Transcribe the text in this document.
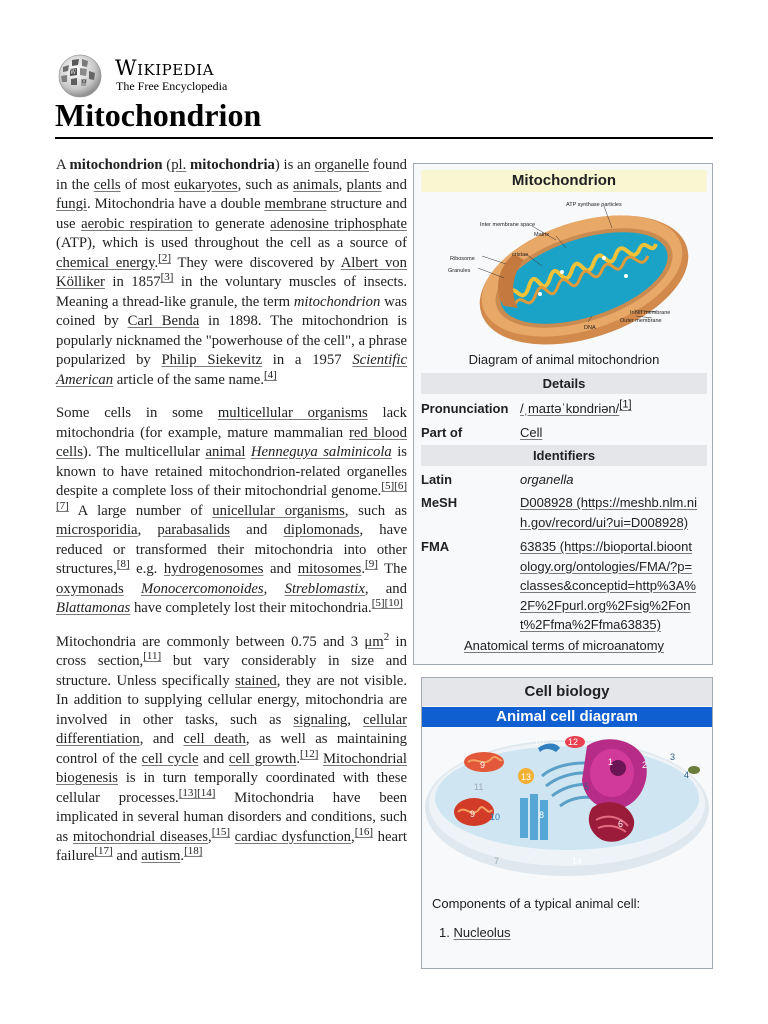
W
Ω
Wikipedia
The Free Encyclopedia
Mitochondrion

A mitochondrion (pl. mitochondria) is an organelle found in the cells of most eukaryotes, such as animals, plants and fungi. Mitochondria have a double membrane structure and use aerobic respiration to generate adenosine triphosphate (ATP), which is used throughout the cell as a source of chemical energy.[2] They were discovered by Albert von Kölliker in 1857[3] in the voluntary muscles of insects. Meaning a thread-like granule, the term mitochondrion was coined by Carl Benda in 1898. The mitochondrion is popularly nicknamed the "powerhouse of the cell", a phrase popularized by Philip Siekevitz in a 1957 Scientific American article of the same name.[4]

Some cells in some multicellular organisms lack mitochondria (for example, mature mammalian red blood cells). The multicellular animal Henneguya salminicola is known to have retained mitochondrion-related organelles despite a complete loss of their mitochondrial genome.[5][6][7] A large number of unicellular organisms, such as microsporidia, parabasalids and diplomonads, have reduced or transformed their mitochondria into other structures,[8] e.g. hydrogenosomes and mitosomes.[9] The oxymonads Monocercomonoides, Streblomastix, and Blattamonas have completely lost their mitochondria.[5][10]

Mitochondria are commonly between 0.75 and 3 $\mu m^2$ in cross section,[11] but vary considerably in size and structure. Unless specifically stained, they are not visible. In addition to supplying cellular energy, mitochondria are involved in other tasks, such as signaling, cellular differentiation, and cell death, as well as maintaining control of the cell cycle and cell growth.[12] Mitochondrial biogenesis is in turn temporally coordinated with these cellular processes.[13][14] Mitochondria have been implicated in several human disorders and conditions, such as mitochondrial diseases,[15] cardiac dysfunction,[16] heart failure[17] and autism.[18]

Mitochondrion
ATP synthase particles
Inter membrane space
Matrix
Ribosome
cristae
Granules
Inner membrane
Outer membrane
DNA
Diagram of animal mitochondrion
Details
Pronunciation /ˌmaɪtəˈkɒndriən/[1]
Part of	Cell
Identifiers
Latin	organella
MeSH	D008928 (https://meshb.nlm.ni
h.gov/record/ui?ui=D008928)
FMA	63835 (https://bioportal.bioont
ology.org/ontologies/FMA/?p=
classes&conceptid=http%3A%
2F%2Fpurl.org%2Fsig%2Fon
t%2Ffma%2Ffma63835)
Anatomical terms of microanatomy
Cell biology
Animal cell diagram
1	2
3
4
5
6
7
8
9
9
10
10
11
12
13
14
Components of a typical animal cell:
1. Nucleolus
